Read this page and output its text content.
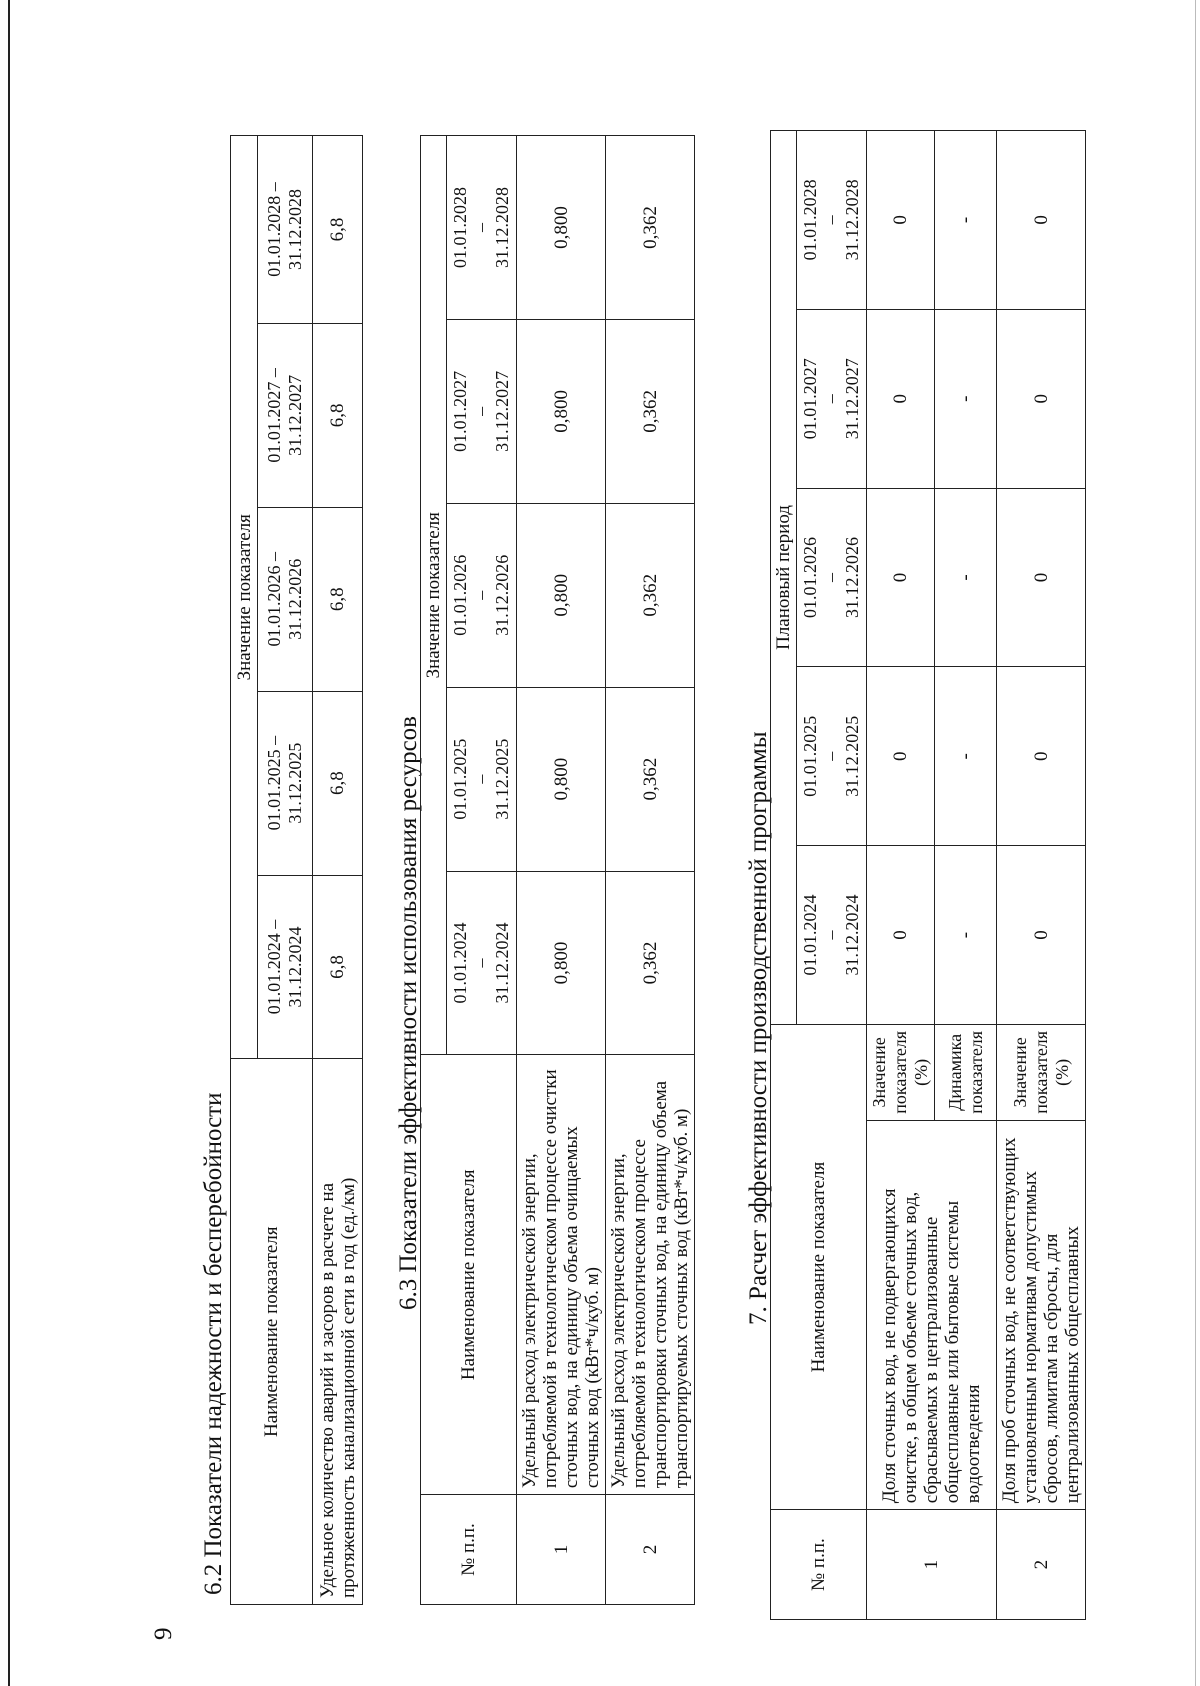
9
6.2 Показатели надежности и бесперебойности Наименование показателя	Значение показателя				

	01.01.2024 – 31.12.2024	01.01.2025 – 31.12.2025	01.01.2026 – 31.12.2026	01.01.2027 – 31.12.2027	01.01.2028 – 31.12.2028

Удельное количество аварий и засоров в расчете на протяженность канализационной сети в год (ед./км)	6,8	6,8	6,8	6,8	6,8
6.3 Показатели эффективности использования ресурсов
№ п.п.	Наименование показателя	Значение показателя				

		01.01.2024 – 31.12.2024	01.01.2025 – 31.12.2025	01.01.2026 – 31.12.2026	01.01.2027 – 31.12.2027	01.01.2028 – 31.12.2028

1	Удельный расход электрической энергии, потребляемой в технологическом процессе очистки сточных вод, на единицу объема очищаемых сточных вод (кВт*ч/куб. м)	0,800	0,800	0,800	0,800	0,800
2	Удельный расход электрической энергии, потребляемой в технологическом процессе транспортировки сточных вод, на единицу объема транспортируемых сточных вод (кВт*ч/куб. м)	0,362	0,362	0,362	0,362	0,362
7. Расчет эффективности производственной программы
№ п.п.	Наименование показателя		Плановый период				

			01.01.2024 – 31.12.2024	01.01.2025 – 31.12.2025	01.01.2026 – 31.12.2026	01.01.2027 – 31.12.2027	01.01.2028 – 31.12.2028

1	Доля сточных вод, не подвергающихся очистке, в общем объеме сточных вод, сбрасываемых в централизованные общесплавные или бытовые системы водоотведения	Значение показателя (%)	0	0	0	0	0
		Динамика показателя	-	-	-	-	-
2	Доля проб сточных вод, не соответствующих установленным нормативам допустимых сбросов, лимитам на сбросы, для централизованных общесплавных	Значение показателя (%)	0	0	0	0	0
